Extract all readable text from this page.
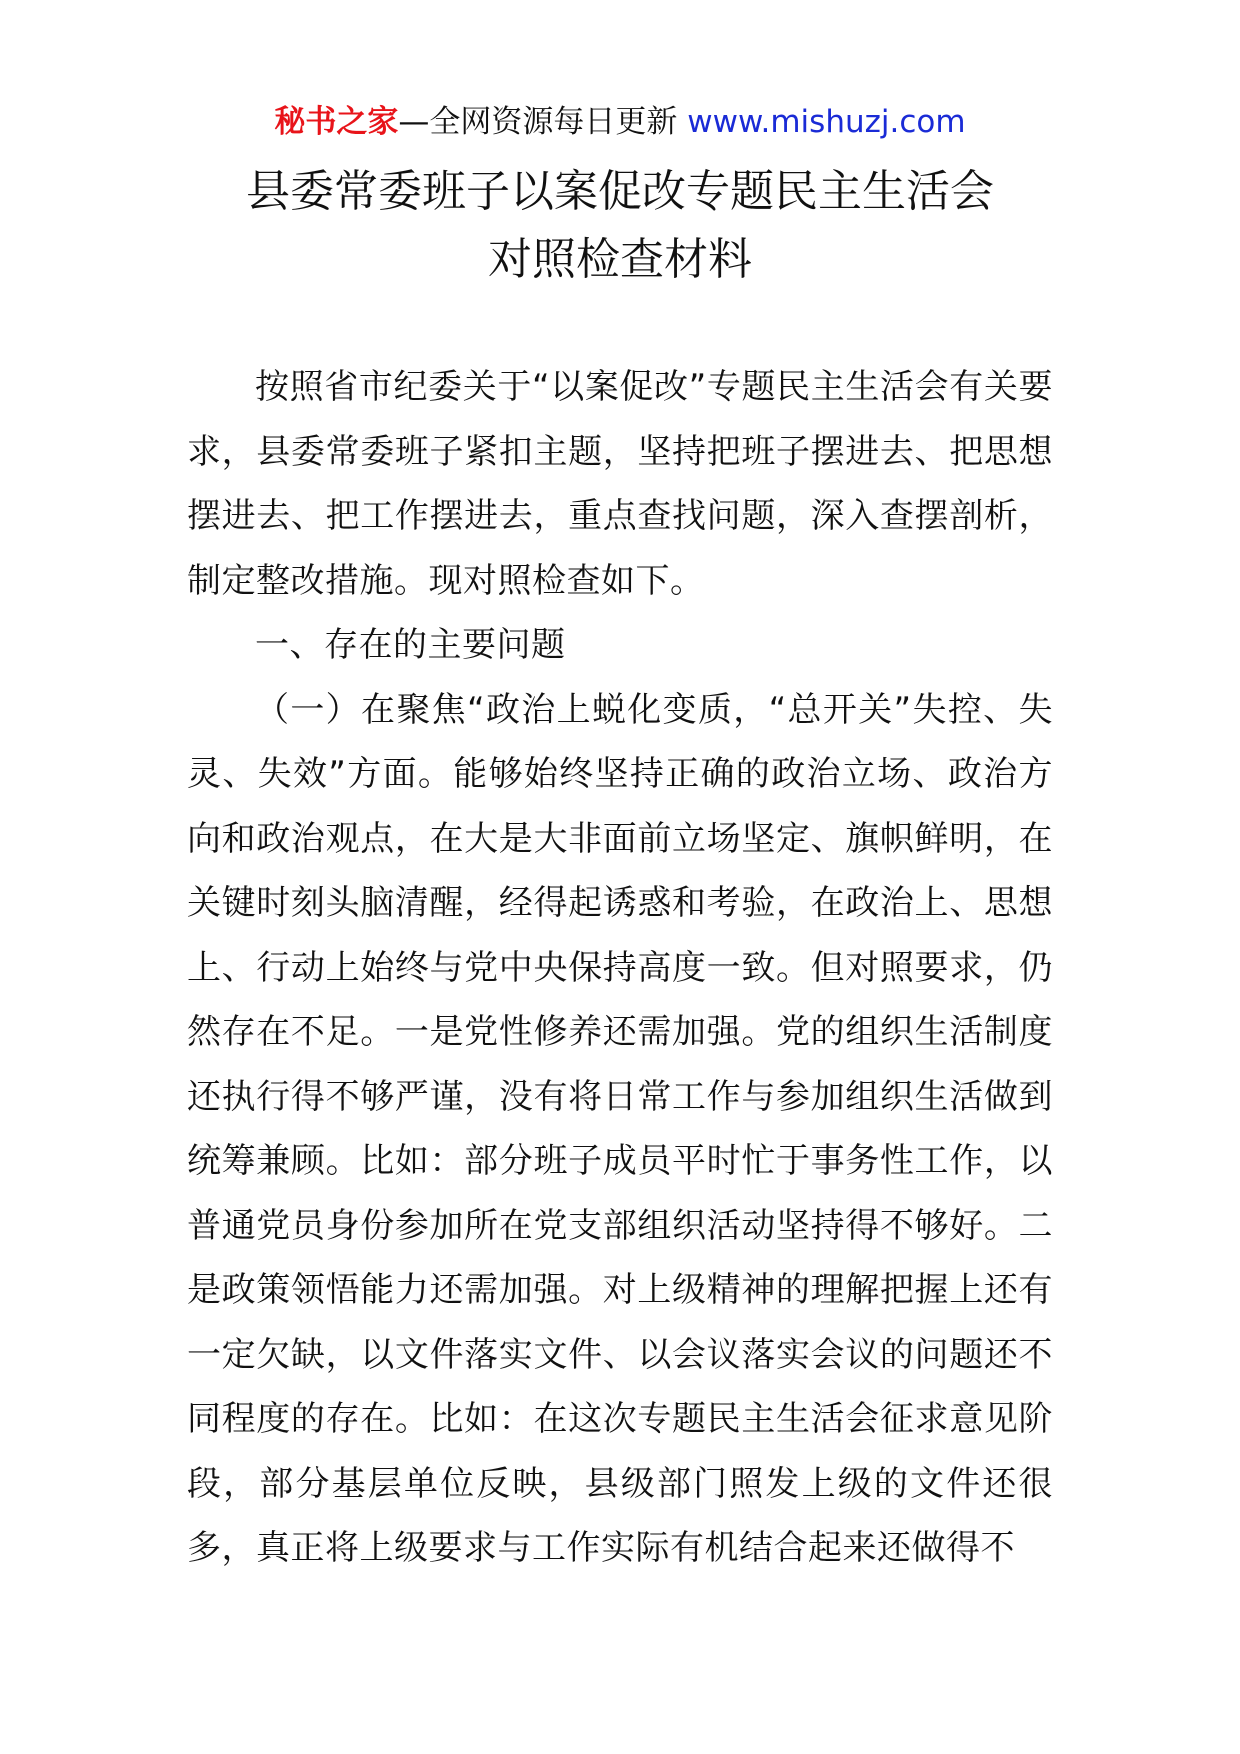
秘书之家—全网资源每日更新 www.mishuzj.com
县委常委班子以案促改专题民主生活会
对照检查材料

按照省市纪委关于“以案促改”专题民主生活会有关要求，县委常委班子紧扣主题，坚持把班子摆进去、把思想摆进去、把工作摆进去，重点查找问题，深入查摆剖析，制定整改措施。现对照检查如下。

一、存在的主要问题

（一）在聚焦“政治上蜕化变质，“总开关”失控、失灵、失效”方面。能够始终坚持正确的政治立场、政治方向和政治观点，在大是大非面前立场坚定、旗帜鲜明，在关键时刻头脑清醒，经得起诱惑和考验，在政治上、思想上、行动上始终与党中央保持高度一致。但对照要求，仍然存在不足。一是党性修养还需加强。党的组织生活制度还执行得不够严谨，没有将日常工作与参加组织生活做到统筹兼顾。比如：部分班子成员平时忙于事务性工作，以普通党员身份参加所在党支部组织活动坚持得不够好。二是政策领悟能力还需加强。对上级精神的理解把握上还有一定欠缺，以文件落实文件、以会议落实会议的问题还不同程度的存在。比如：在这次专题民主生活会征求意见阶段，部分基层单位反映，县级部门照发上级的文件还很多，真正将上级要求与工作实际有机结合起来还做得不
